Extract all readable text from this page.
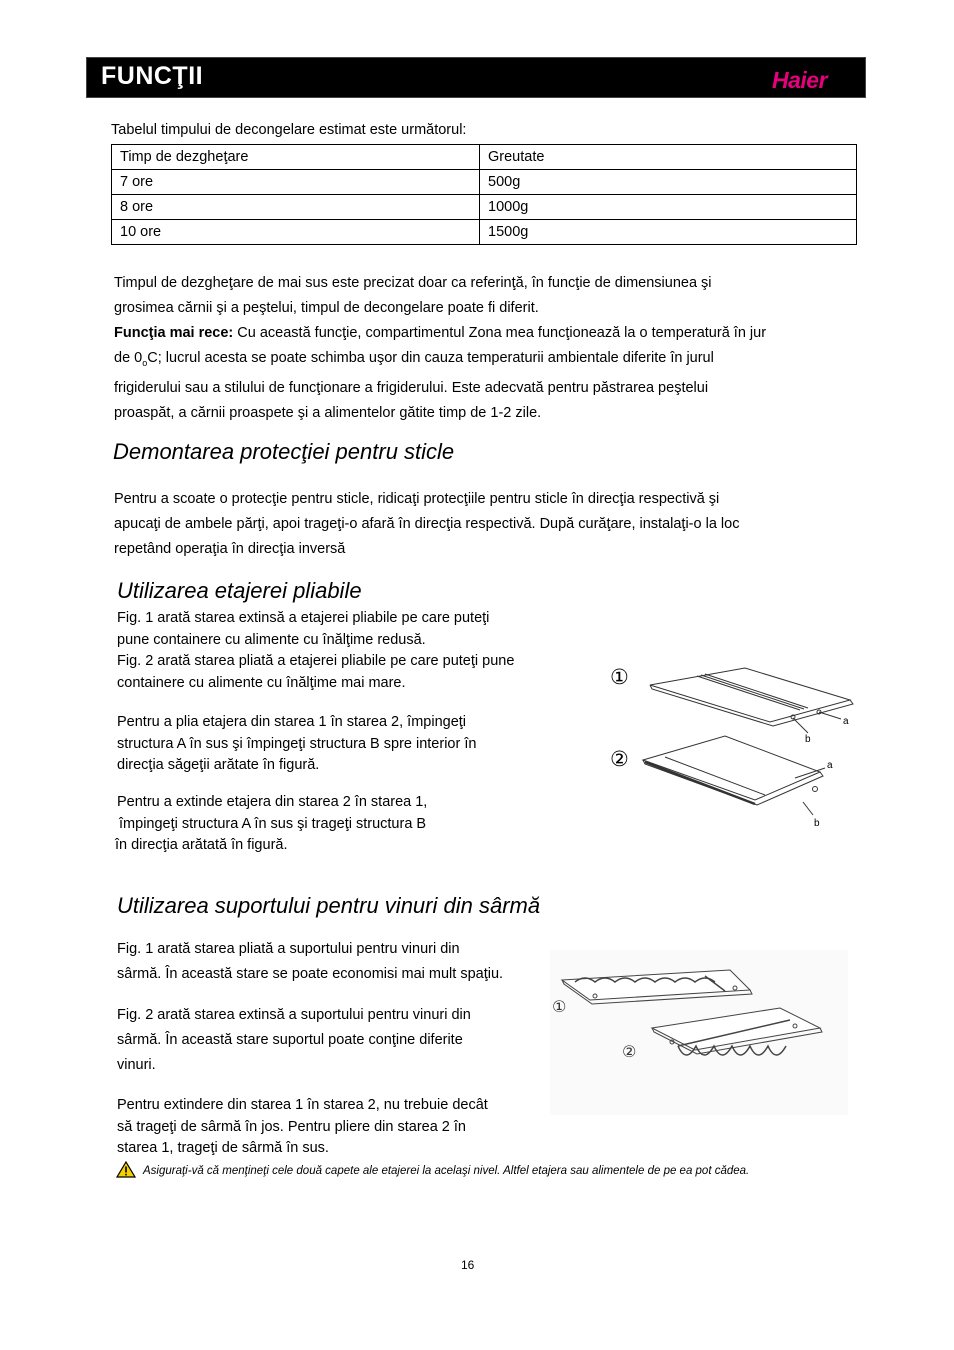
FUNCŢII	Haier
Tabelul timpului de decongelare estimat este următorul:
Timp de dezgheţare	Greutate
7 ore	500g
8 ore	1000g
10 ore	1500g
Timpul de dezgheţare de mai sus este precizat doar ca referinţă, în funcţie de dimensiunea şi
grosimea cărnii şi a peştelui, timpul de decongelare poate fi diferit.
Funcţia mai rece: Cu această funcţie, compartimentul Zona mea funcţionează la o temperatură în jur
de $0_oC$; lucrul acesta se poate schimba uşor din cauza temperaturii ambientale diferite în jurul
frigiderului sau a stilului de funcţionare a frigiderului. Este adecvată pentru păstrarea peştelui
proaspăt, a cărnii proaspete şi a alimentelor gătite timp de 1-2 zile.
Demontarea protecţiei pentru sticle
Pentru a scoate o protecţie pentru sticle, ridicaţi protecţiile pentru sticle în direcţia respectivă şi
apucaţi de ambele părţi, apoi trageţi-o afară în direcţia respectivă. După curăţare, instalaţi-o la loc
repetând operaţia în direcţia inversă
Utilizarea etajerei pliabile
Fig. 1 arată starea extinsă a etajerei pliabile pe care puteţi
pune containere cu alimente cu înălţime redusă.
Fig. 2 arată starea pliată a etajerei pliabile pe care puteţi pune
containere cu alimente cu înălţime mai mare.
Pentru a plia etajera din starea 1 în starea 2, împingeţi
structura A în sus şi împingeţi structura B spre interior în
direcţia săgeţii arătate în figură.
Pentru a extinde etajera din starea 2 în starea 1,
împingeţi structura A în sus şi trageţi structura B
în direcţia arătată în figură.
①
②
a
b
a
b
Utilizarea suportului pentru vinuri din sârmă
Fig. 1 arată starea pliată a suportului pentru vinuri din
sârmă. În această stare se poate economisi mai mult spaţiu.
Fig. 2 arată starea extinsă a suportului pentru vinuri din
sârmă. În această stare suportul poate conţine diferite
vinuri.
Pentru extindere din starea 1 în starea 2, nu trebuie decât
să trageţi de sârmă în jos. Pentru pliere din starea 2 în
starea 1, trageţi de sârmă în sus.
①
②
Asiguraţi-vă că menţineţi cele două capete ale etajerei la acelaşi nivel. Altfel etajera sau alimentele de pe ea pot cădea.
16
